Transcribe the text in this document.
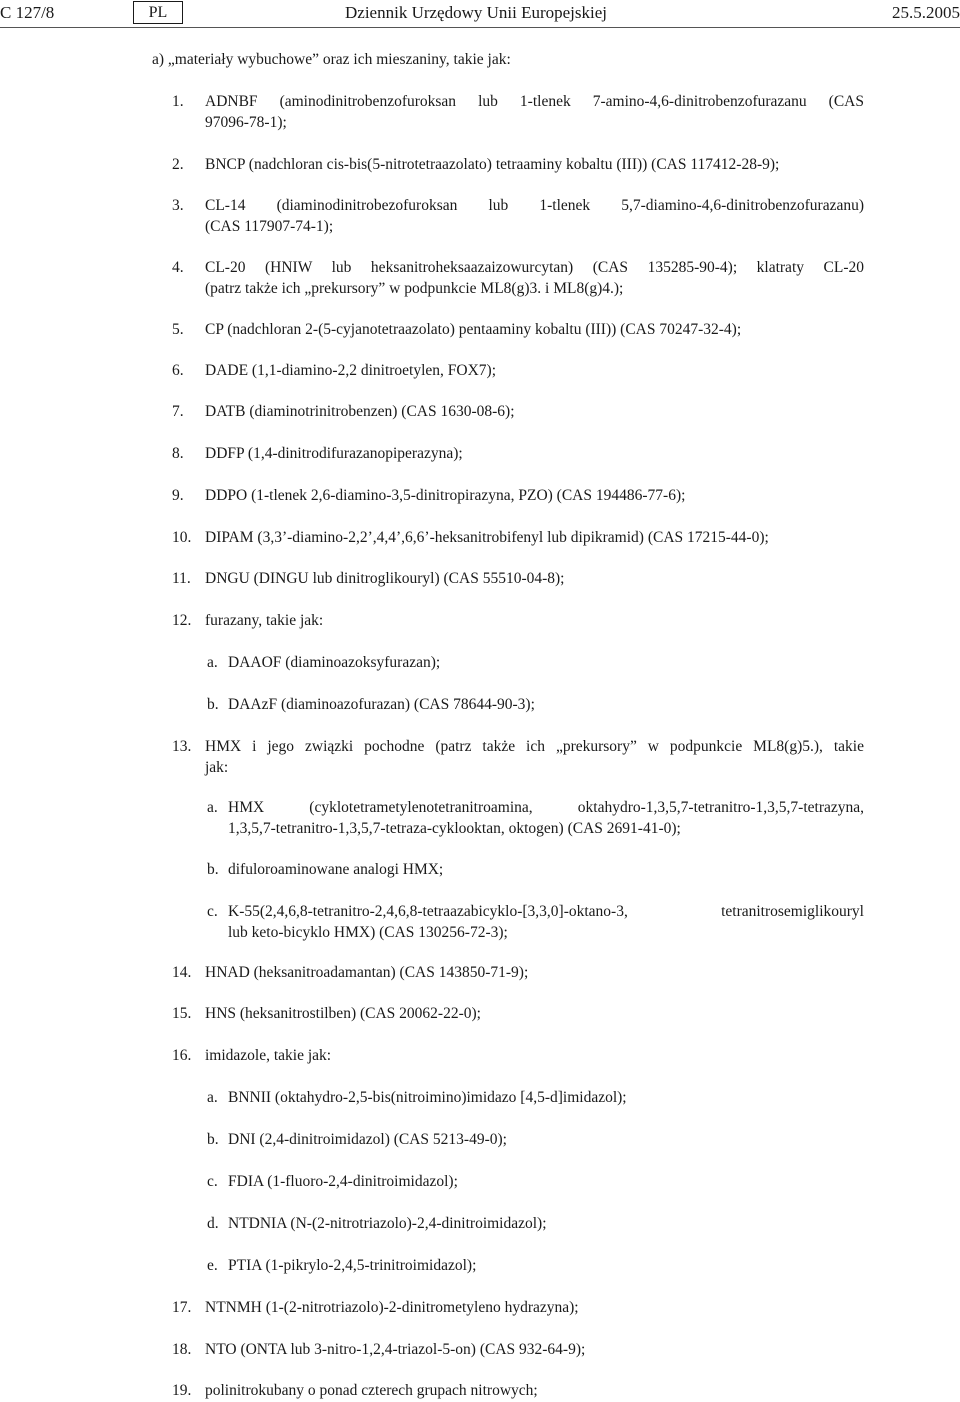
C 127/8	PL	Dziennik Urzędowy Unii Europejskiej	25.5.2005
a) „materiały wybuchowe” oraz ich mieszaniny, takie jak:
1. ADNBF (aminodinitrobenzofuroksan lub 1-tlenek 7-amino-4,6-dinitrobenzofurazanu (CAS
97096-78-1);
2. BNCP (nadchloran cis-bis(5-nitrotetraazolato) tetraaminy kobaltu (III)) (CAS 117412-28-9);
3. CL-14 (diaminodinitrobezofuroksan lub 1-tlenek 5,7-diamino-4,6-dinitrobenzofurazanu)
(CAS 117907-74-1);
4. CL-20 (HNIW lub heksanitroheksaazaizowurcytan) (CAS 135285-90-4); klatraty CL-20
(patrz także ich „prekursory” w podpunkcie ML8(g)3. i ML8(g)4.);
5. CP (nadchloran 2-(5-cyjanotetraazolato) pentaaminy kobaltu (III)) (CAS 70247-32-4);
6. DADE (1,1-diamino-2,2 dinitroetylen, FOX7);
7. DATB (diaminotrinitrobenzen) (CAS 1630-08-6);
8. DDFP (1,4-dinitrodifurazanopiperazyna);
9. DDPO (1-tlenek 2,6-diamino-3,5-dinitropirazyna, PZO) (CAS 194486-77-6);
10. DIPAM (3,3’-diamino-2,2’,4,4’,6,6’-heksanitrobifenyl lub dipikramid) (CAS 17215-44-0);
11. DNGU (DINGU lub dinitroglikouryl) (CAS 55510-04-8);
12. furazany, takie jak:
a. DAAOF (diaminoazoksyfurazan);
b. DAAzF (diaminoazofurazan) (CAS 78644-90-3);
13. HMX i jego związki pochodne (patrz także ich „prekursory” w podpunkcie ML8(g)5.), takie
jak:
a. HMX (cyklotetrametylenotetranitroamina, oktahydro-1,3,5,7-tetranitro-1,3,5,7-tetrazyna,
1,3,5,7-tetranitro-1,3,5,7-tetraza-cyklooktan, oktogen) (CAS 2691-41-0);
b. difuloroaminowane analogi HMX;
c. K-55(2,4,6,8-tetranitro-2,4,6,8-tetraazabicyklo-[3,3,0]-oktano-3, tetranitrosemiglikouryl
lub keto-bicyklo HMX) (CAS 130256-72-3);
14. HNAD (heksanitroadamantan) (CAS 143850-71-9);
15. HNS (heksanitrostilben) (CAS 20062-22-0);
16. imidazole, takie jak:
a. BNNII (oktahydro-2,5-bis(nitroimino)imidazo [4,5-d]imidazol);
b. DNI (2,4-dinitroimidazol) (CAS 5213-49-0);
c. FDIA (1-fluoro-2,4-dinitroimidazol);
d. NTDNIA (N-(2-nitrotriazolo)-2,4-dinitroimidazol);
e. PTIA (1-pikrylo-2,4,5-trinitroimidazol);
17. NTNMH (1-(2-nitrotriazolo)-2-dinitrometyleno hydrazyna);
18. NTO (ONTA lub 3-nitro-1,2,4-triazol-5-on) (CAS 932-64-9);
19. polinitrokubany o ponad czterech grupach nitrowych;
